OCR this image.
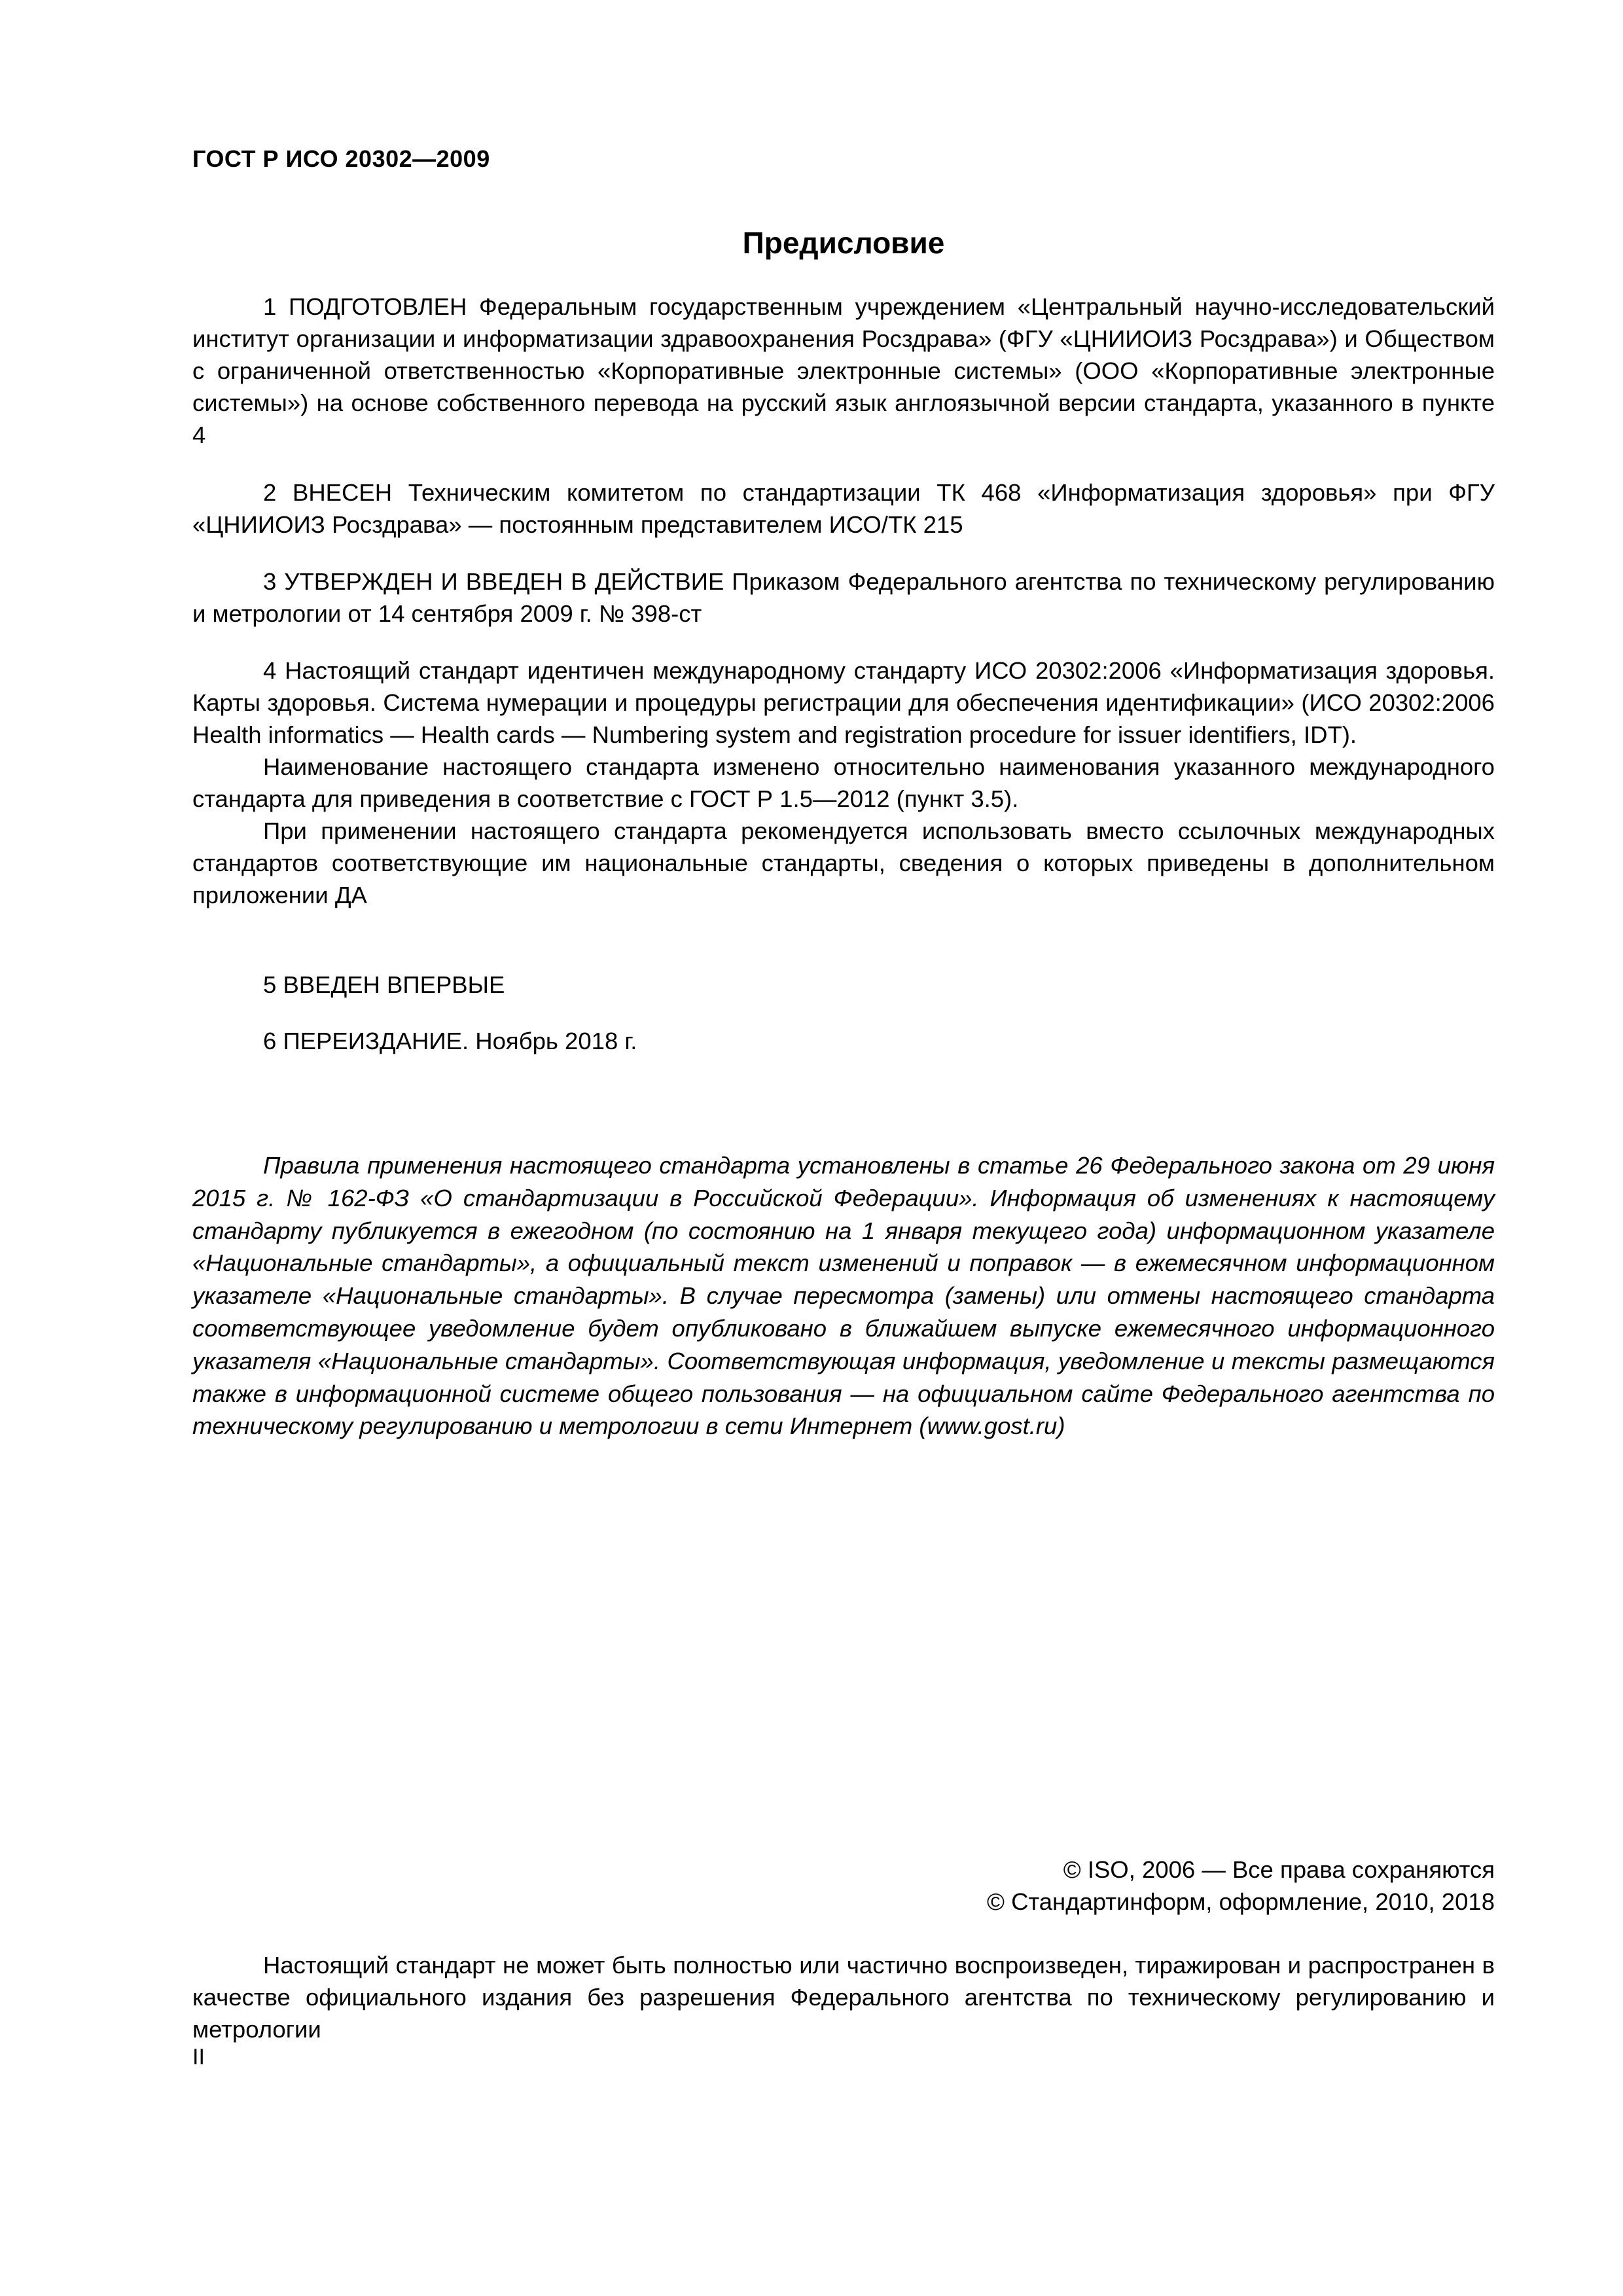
ГОСТ Р ИСО 20302—2009
Предисловие

1 ПОДГОТОВЛЕН Федеральным государственным учреждением «Центральный научно-исследовательский институт организации и информатизации здравоохранения Росздрава» (ФГУ «ЦНИИОИЗ Росздрава») и Обществом с ограниченной ответственностью «Корпоративные электронные системы» (ООО «Корпоративные электронные системы») на основе собственного перевода на русский язык англоязычной версии стандарта, указанного в пункте 4

2 ВНЕСЕН Техническим комитетом по стандартизации ТК 468 «Информатизация здоровья» при ФГУ «ЦНИИОИЗ Росздрава» — постоянным представителем ИСО/ТК 215

3 УТВЕРЖДЕН И ВВЕДЕН В ДЕЙСТВИЕ Приказом Федерального агентства по техническому регулированию и метрологии от 14 сентября 2009 г. № 398-ст

4 Настоящий стандарт идентичен международному стандарту ИСО 20302:2006 «Информатизация здоровья. Карты здоровья. Система нумерации и процедуры регистрации для обеспечения идентификации» (ИСО 20302:2006 Health informatics — Health cards — Numbering system and registration procedure for issuer identifiers, IDT).

Наименование настоящего стандарта изменено относительно наименования указанного международного стандарта для приведения в соответствие с ГОСТ Р 1.5—2012 (пункт 3.5).

При применении настоящего стандарта рекомендуется использовать вместо ссылочных международных стандартов соответствующие им национальные стандарты, сведения о которых приведены в дополнительном приложении ДА

5 ВВЕДЕН ВПЕРВЫЕ

6 ПЕРЕИЗДАНИЕ. Ноябрь 2018 г.

Правила применения настоящего стандарта установлены в статье 26 Федерального закона от 29 июня 2015 г. № 162-ФЗ «О стандартизации в Российской Федерации». Информация об изменениях к настоящему стандарту публикуется в ежегодном (по состоянию на 1 января текущего года) информационном указателе «Национальные стандарты», а официальный текст изменений и поправок — в ежемесячном информационном указателе «Национальные стандарты». В случае пересмотра (замены) или отмены настоящего стандарта соответствующее уведомление будет опубликовано в ближайшем выпуске ежемесячного информационного указателя «Национальные стандарты». Соответствующая информация, уведомление и тексты размещаются также в информационной системе общего пользования — на официальном сайте Федерального агентства по техническому регулированию и метрологии в сети Интернет (www.gost.ru)

© ISO, 2006 — Все права сохраняются
© Стандартинформ, оформление, 2010, 2018

Настоящий стандарт не может быть полностью или частично воспроизведен, тиражирован и распространен в качестве официального издания без разрешения Федерального агентства по техническому регулированию и метрологии

II
